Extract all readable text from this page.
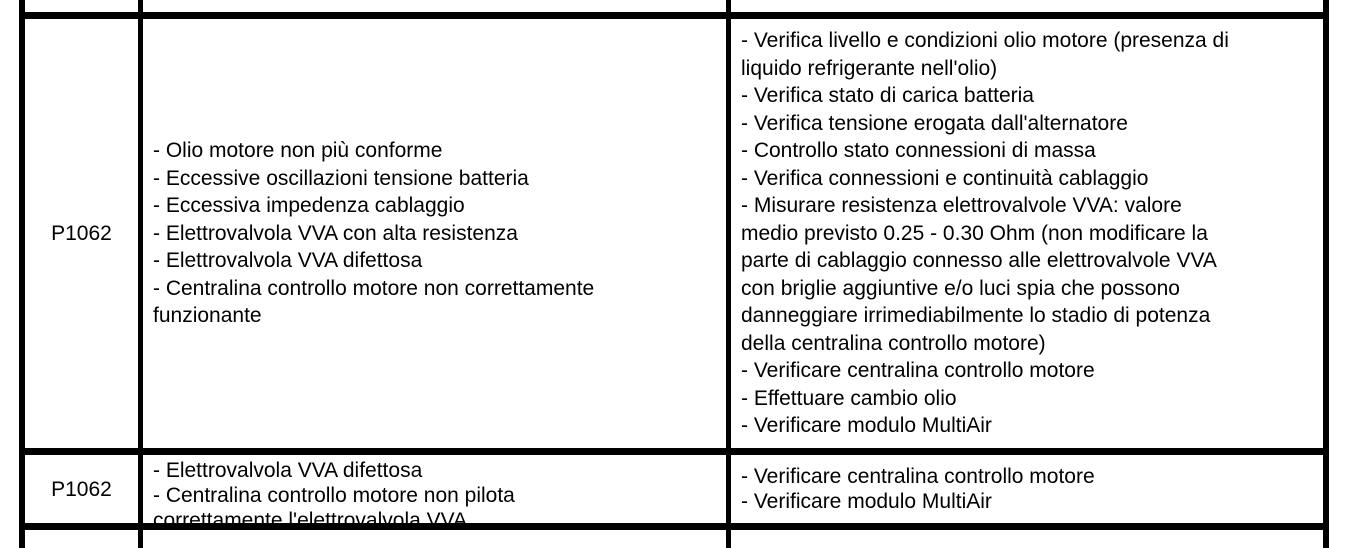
P1062
- Olio motore non più conforme
- Eccessive oscillazioni tensione batteria
- Eccessiva impedenza cablaggio
- Elettrovalvola VVA con alta resistenza
- Elettrovalvola VVA difettosa
- Centralina controllo motore non correttamente
funzionante
- Verifica livello e condizioni olio motore (presenza di
liquido refrigerante nell'olio)
- Verifica stato di carica batteria
- Verifica tensione erogata dall'alternatore
- Controllo stato connessioni di massa
- Verifica connessioni e continuità cablaggio
- Misurare resistenza elettrovalvole VVA: valore
medio previsto 0.25 - 0.30 Ohm (non modificare la
parte di cablaggio connesso alle elettrovalvole VVA
con briglie aggiuntive e/o luci spia che possono
danneggiare irrimediabilmente lo stadio di potenza
della centralina controllo motore)
- Verificare centralina controllo motore
- Effettuare cambio olio
- Verificare modulo MultiAir
P1062
- Elettrovalvola VVA difettosa
- Centralina controllo motore non pilota
correttamente l'elettrovalvola VVA
- Verificare centralina controllo motore
- Verificare modulo MultiAir
